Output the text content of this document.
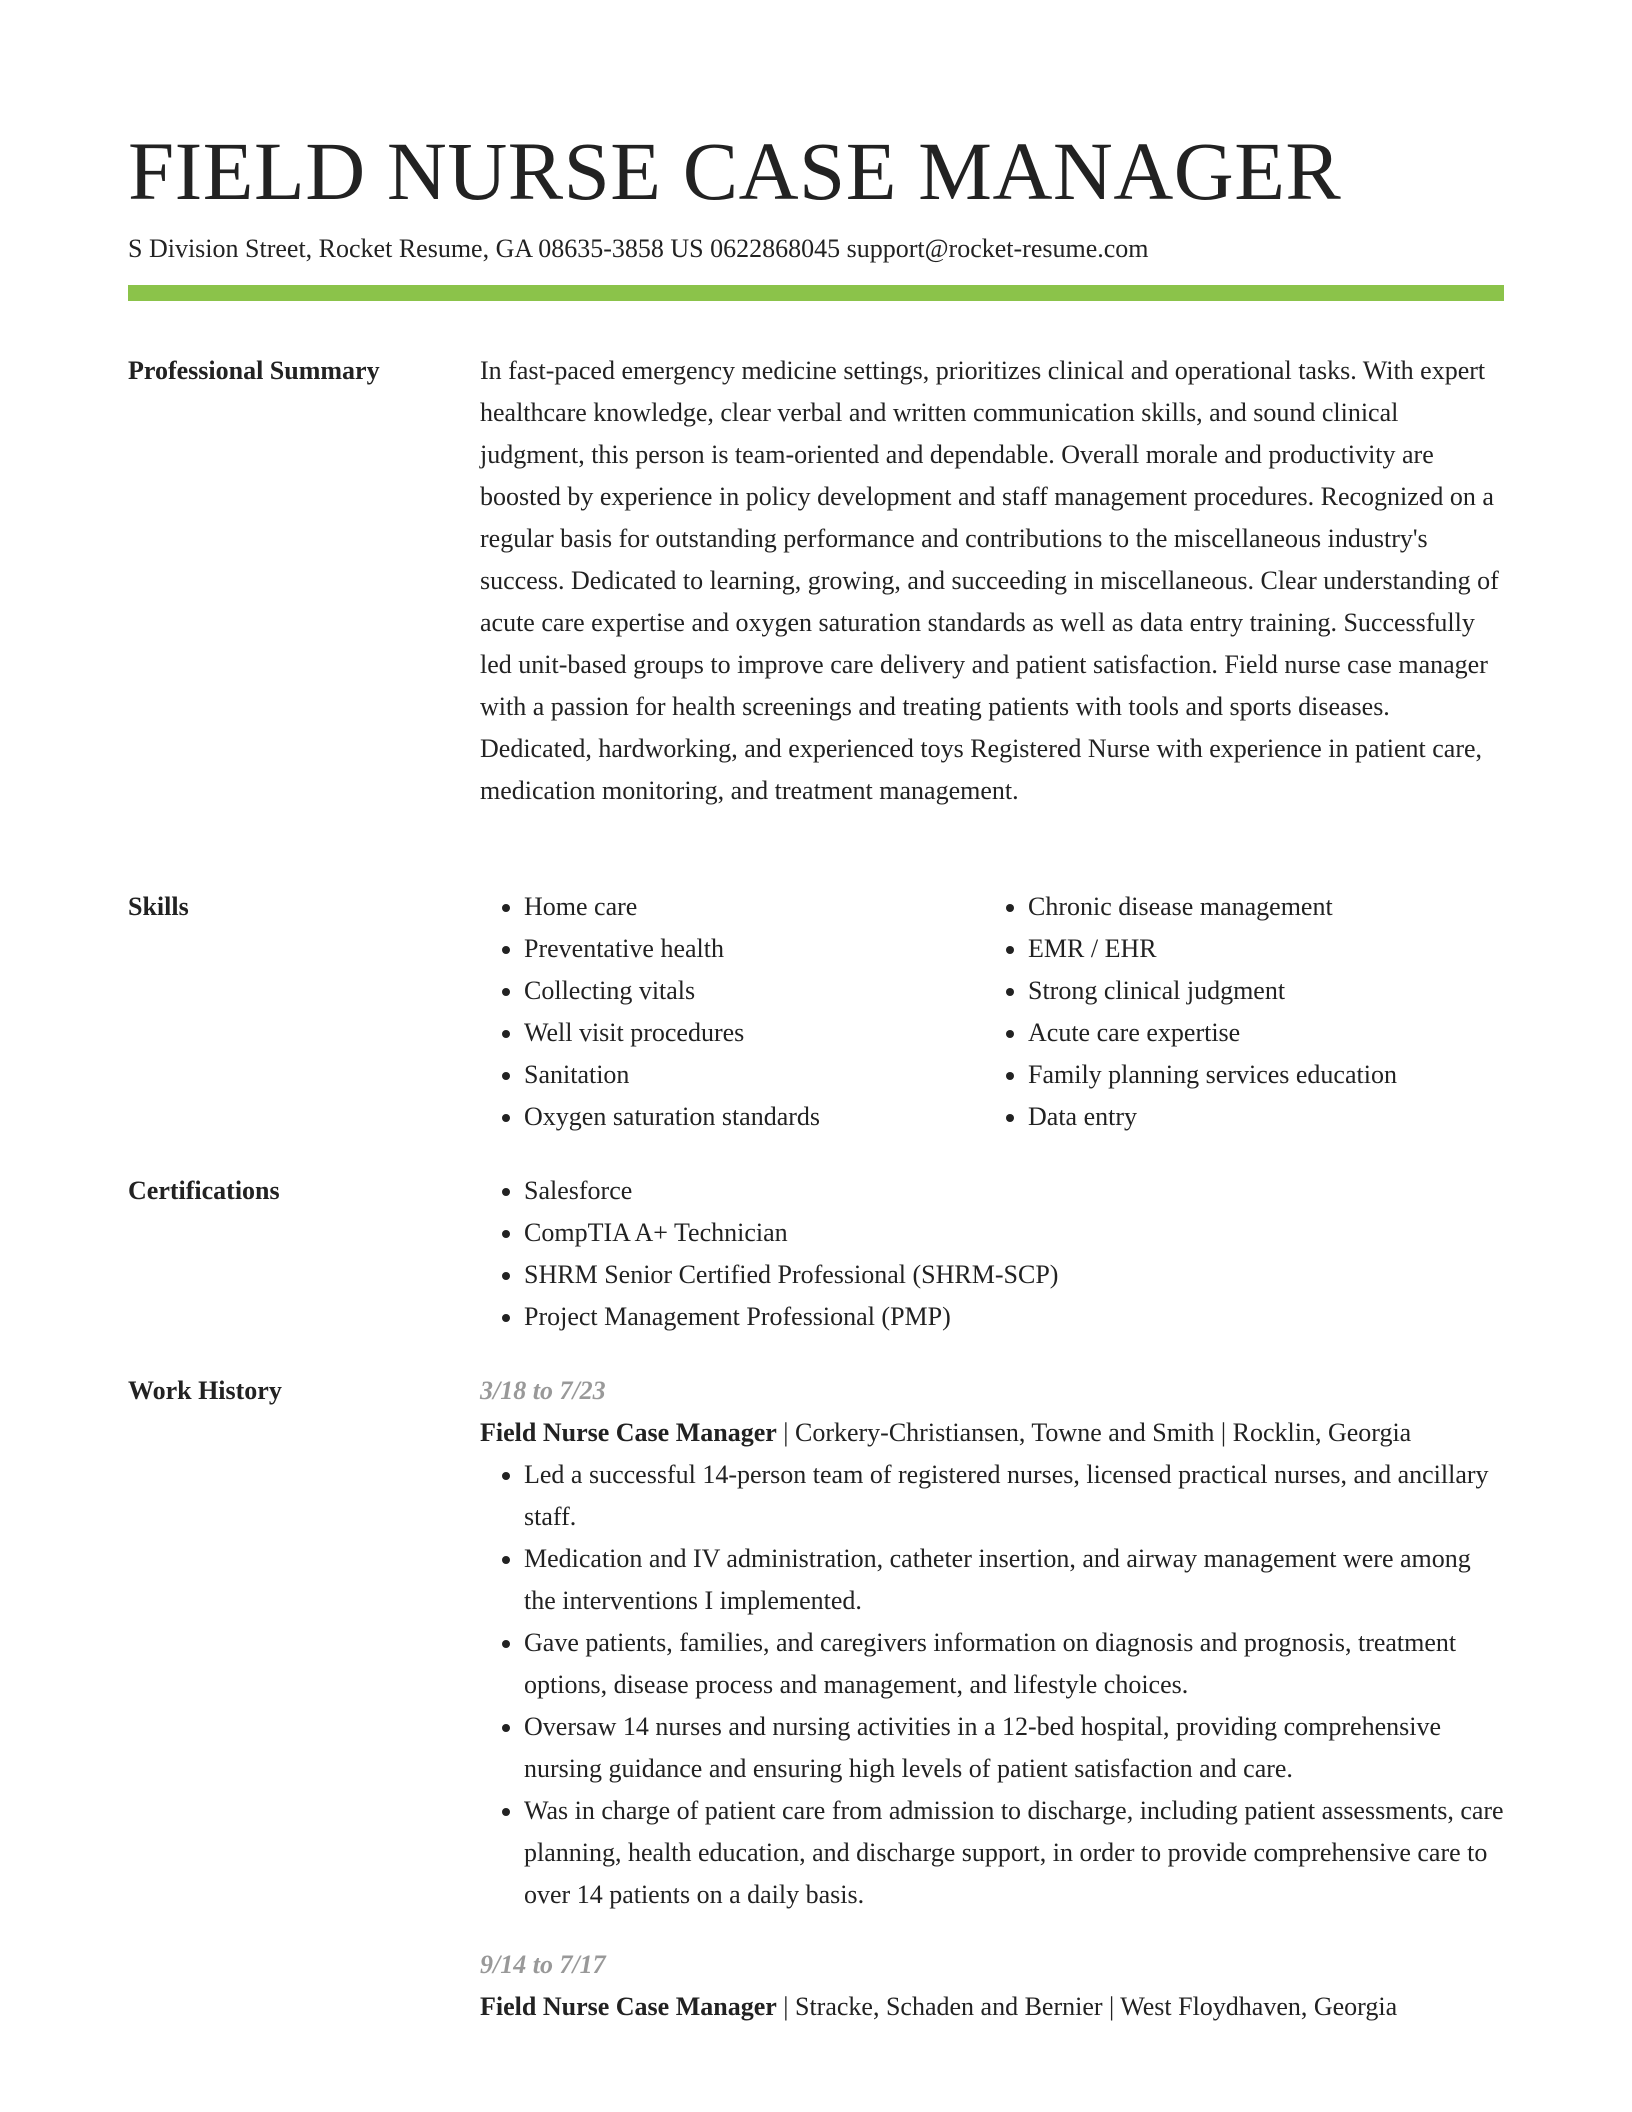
FIELD NURSE CASE MANAGER
S Division Street, Rocket Resume, GA 08635-3858 US 0622868045 support@rocket-resume.com
Professional Summary	In fast-paced emergency medicine settings, prioritizes clinical and operational tasks. With expert healthcare knowledge, clear verbal and written communication skills, and sound clinical judgment, this person is team-oriented and dependable. Overall morale and productivity are boosted by experience in policy development and staff management procedures. Recognized on a regular basis for outstanding performance and contributions to the miscellaneous industry's success. Dedicated to learning, growing, and succeeding in miscellaneous. Clear understanding of acute care expertise and oxygen saturation standards as well as data entry training. Successfully led unit-based groups to improve care delivery and patient satisfaction. Field nurse case manager with a passion for health screenings and treating patients with tools and sports diseases. Dedicated, hardworking, and experienced toys Registered Nurse with experience in patient care, medication monitoring, and treatment management.

Skills	• Home care
• Preventative health
• Collecting vitals
• Well visit procedures
• Sanitation
• Oxygen saturation standards
• Chronic disease management
• EMR / EHR
• Strong clinical judgment
• Acute care expertise
• Family planning services education
• Data entry
Certifications	• Salesforce
• CompTIA A+ Technician
• SHRM Senior Certified Professional (SHRM-SCP)
• Project Management Professional (PMP)
Work History	3/18 to 7/23

Field Nurse Case Manager | Corkery-Christiansen, Towne and Smith | Rocklin, Georgia

• Led a successful 14-person team of registered nurses, licensed practical nurses, and ancillary staff.
• Medication and IV administration, catheter insertion, and airway management were among the interventions I implemented.
• Gave patients, families, and caregivers information on diagnosis and prognosis, treatment options, disease process and management, and lifestyle choices.
• Oversaw 14 nurses and nursing activities in a 12-bed hospital, providing comprehensive nursing guidance and ensuring high levels of patient satisfaction and care.
• Was in charge of patient care from admission to discharge, including patient assessments, care planning, health education, and discharge support, in order to provide comprehensive care to over 14 patients on a daily basis.
9/14 to 7/17

Field Nurse Case Manager | Stracke, Schaden and Bernier | West Floydhaven, Georgia
